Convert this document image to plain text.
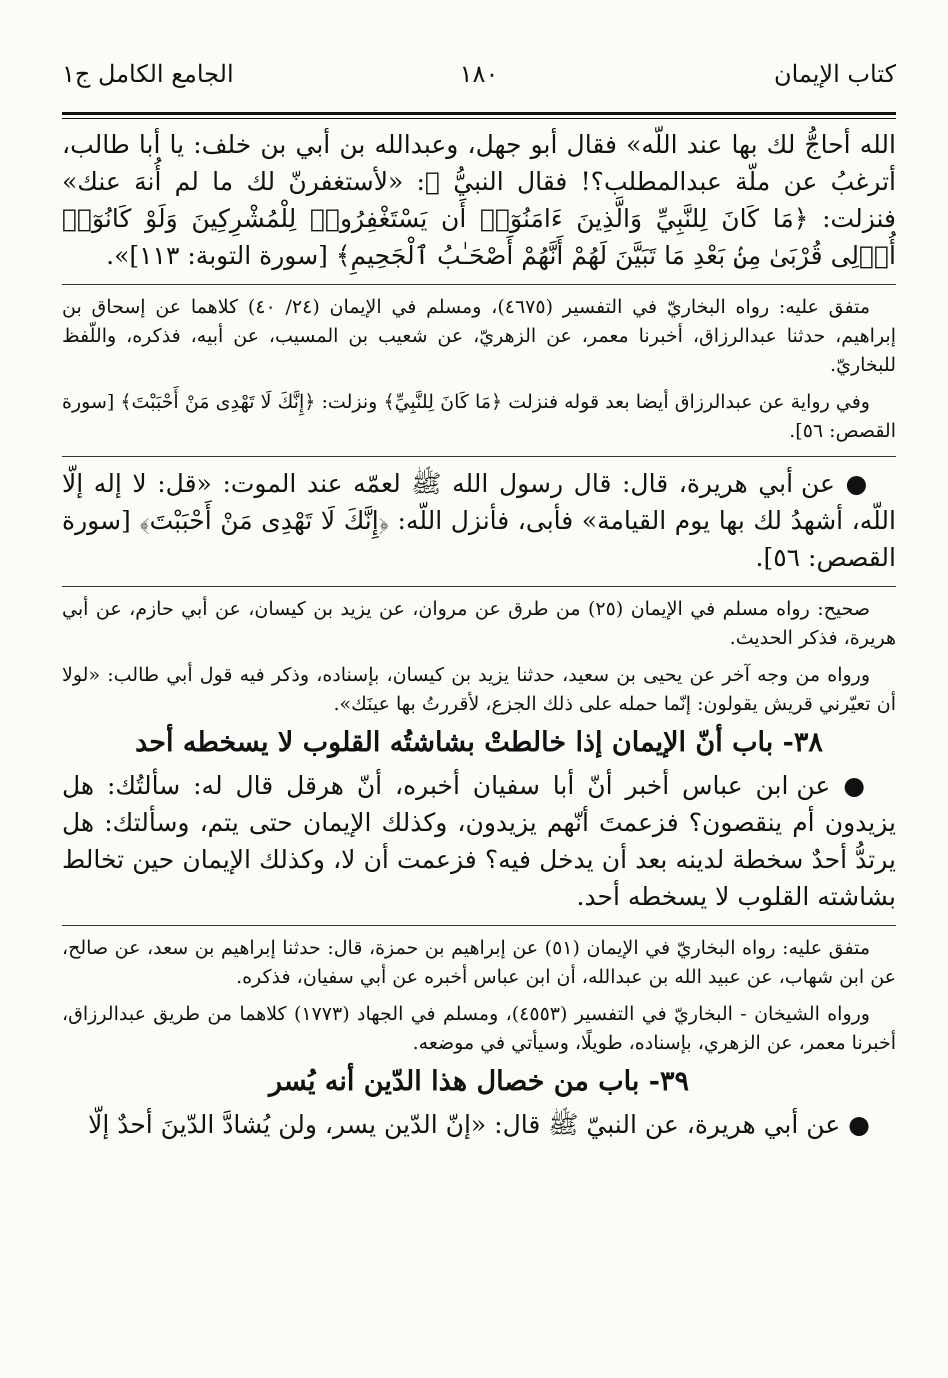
كتاب الإيمان
١٨٠
الجامع الكامل ج١

الله أحاجُّ لك بها عند اللّه» فقال أبو جهل، وعبدالله بن أبي بن خلف: يا أبا طالب، أترغبُ عن ملّة عبدالمطلب؟! فقال النبيُّ ﷺ: «لأستغفرنّ لك ما لم أُنهَ عنك» فنزلت: ﴿مَا كَانَ لِلنَّبِيِّ وَالَّذِينَ ءَامَنُوٓا۟ أَن يَسْتَغْفِرُوا۟ لِلْمُشْرِكِينَ وَلَوْ كَانُوٓا۟ أُو۟لِى قُرْبَىٰ مِنۢ بَعْدِ مَا تَبَيَّنَ لَهُمْ أَنَّهُمْ أَصْحَـٰبُ ٱلْجَحِيمِ﴾ [سورة التوبة: ١١٣]».

متفق عليه: رواه البخاريّ في التفسير (٤٦٧٥)، ومسلم في الإيمان (٢٤/ ٤٠) كلاهما عن إسحاق بن إبراهيم، حدثنا عبدالرزاق، أخبرنا معمر، عن الزهريّ، عن شعيب بن المسيب، عن أبيه، فذكره، واللّفظ للبخاريّ.

وفي رواية عن عبدالرزاق أيضا بعد قوله فنزلت ﴿مَا كَانَ لِلنَّبِيِّ﴾ ونزلت: ﴿إِنَّكَ لَا تَهْدِى مَنْ أَحْبَبْتَ﴾ [سورة القصص: ٥٦].

● عن أبي هريرة، قال: قال رسول الله ﷺ لعمّه عند الموت: «قل: لا إله إلّا اللّه، أشهدُ لك بها يوم القيامة» فأبى، فأنزل اللّه: ﴿إِنَّكَ لَا تَهْدِى مَنْ أَحْبَبْتَ﴾ [سورة القصص: ٥٦].

صحيح: رواه مسلم في الإيمان (٢٥) من طرق عن مروان، عن يزيد بن كيسان، عن أبي حازم، عن أبي هريرة، فذكر الحديث.

ورواه من وجه آخر عن يحيى بن سعيد، حدثنا يزيد بن كيسان، بإسناده، وذكر فيه قول أبي طالب: «لولا أن تعيّرني قريش يقولون: إنّما حمله على ذلك الجزع، لأقررتُ بها عينَك».

٣٨- باب أنّ الإيمان إذا خالطتْ بشاشتُه القلوب لا يسخطه أحد

● عن ابن عباس أخبر أنّ أبا سفيان أخبره، أنّ هرقل قال له: سألتُك: هل يزيدون أم ينقصون؟ فزعمتَ أنّهم يزيدون، وكذلك الإيمان حتى يتم، وسألتك: هل يرتدُّ أحدٌ سخطة لدينه بعد أن يدخل فيه؟ فزعمت أن لا، وكذلك الإيمان حين تخالط بشاشته القلوب لا يسخطه أحد.

متفق عليه: رواه البخاريّ في الإيمان (٥١) عن إبراهيم بن حمزة، قال: حدثنا إبراهيم بن سعد، عن صالح، عن ابن شهاب، عن عبيد الله بن عبدالله، أن ابن عباس أخبره عن أبي سفيان، فذكره.

ورواه الشيخان - البخاريّ في التفسير (٤٥٥٣)، ومسلم في الجهاد (١٧٧٣) كلاهما من طريق عبدالرزاق، أخبرنا معمر، عن الزهري، بإسناده، طويلًا، وسيأتي في موضعه.

٣٩- باب من خصال هذا الدّين أنه يُسر

● عن أبي هريرة، عن النبيّ ﷺ قال: «إنّ الدّين يسر، ولن يُشادَّ الدّينَ أحدٌ إلّا
